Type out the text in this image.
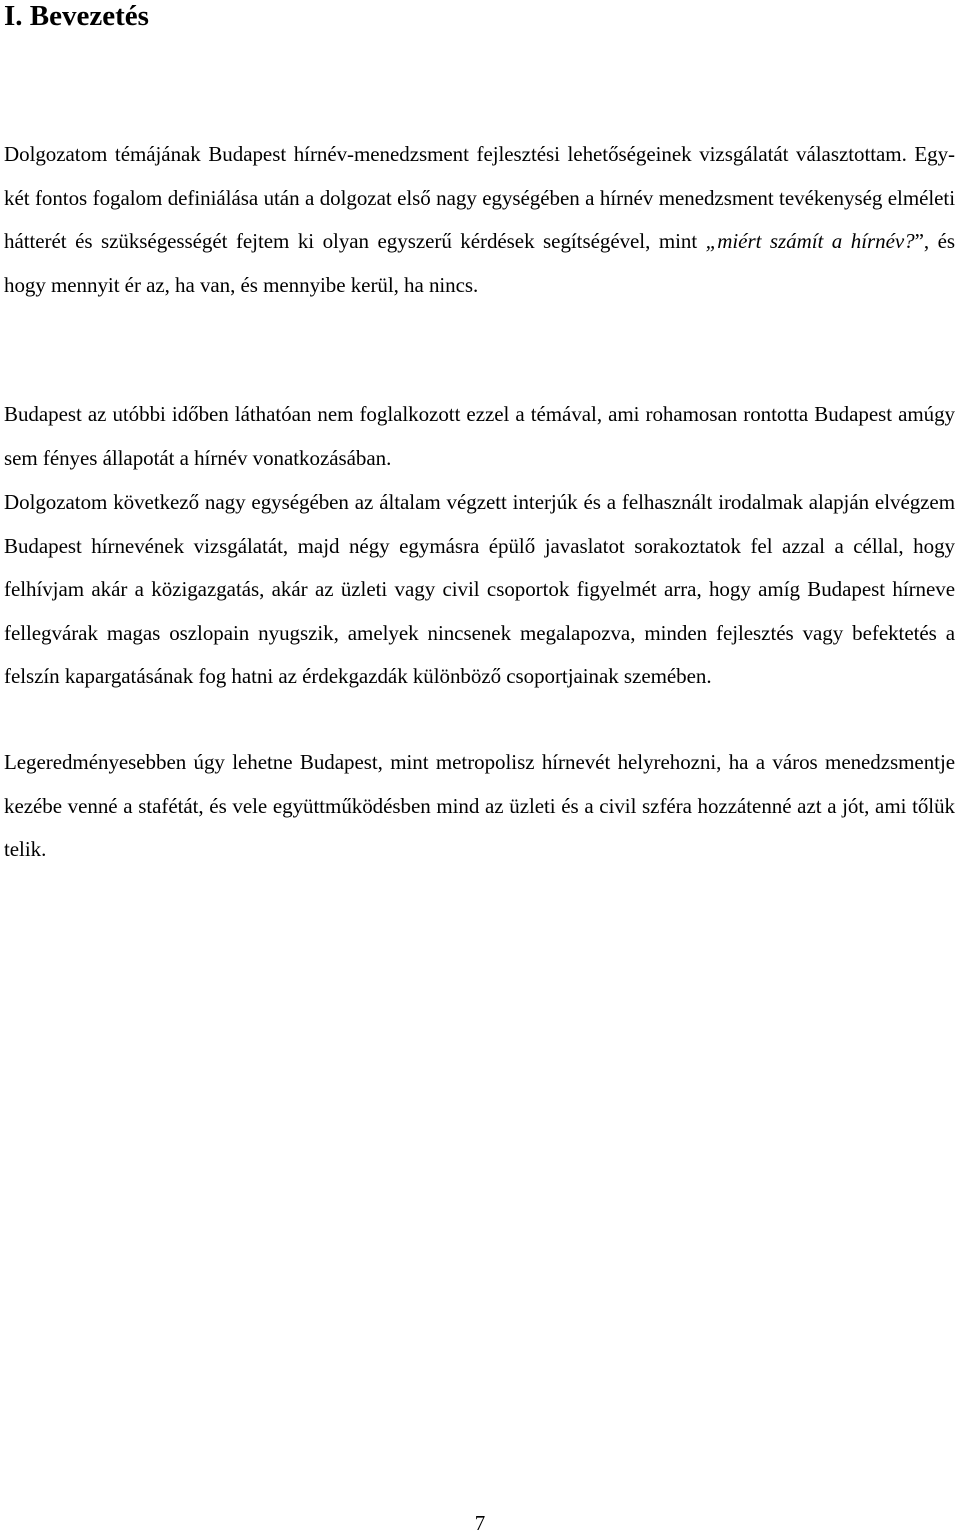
I. Bevezetés

Dolgozatom témájának Budapest hírnév-menedzsment fejlesztési lehetőségeinek vizsgálatát választottam. Egy-két fontos fogalom definiálása után a dolgozat első nagy egységében a hírnév menedzsment tevékenység elméleti hátterét és szükségességét fejtem ki olyan egyszerű kérdések segítségével, mint „miért számít a hírnév?”, és hogy mennyit ér az, ha van, és mennyibe kerül, ha nincs.

Budapest az utóbbi időben láthatóan nem foglalkozott ezzel a témával, ami rohamosan rontotta Budapest amúgy sem fényes állapotát a hírnév vonatkozásában.

Dolgozatom következő nagy egységében az általam végzett interjúk és a felhasznált irodalmak alapján elvégzem Budapest hírnevének vizsgálatát, majd négy egymásra épülő javaslatot sorakoztatok fel azzal a céllal, hogy felhívjam akár a közigazgatás, akár az üzleti vagy civil csoportok figyelmét arra, hogy amíg Budapest hírneve fellegvárak magas oszlopain nyugszik, amelyek nincsenek megalapozva, minden fejlesztés vagy befektetés a felszín kapargatásának fog hatni az érdekgazdák különböző csoportjainak szemében.

Legeredményesebben úgy lehetne Budapest, mint metropolisz hírnevét helyrehozni, ha a város menedzsmentje kezébe venné a stafétát, és vele együttműködésben mind az üzleti és a civil szféra hozzátenné azt a jót, ami tőlük telik.

7
